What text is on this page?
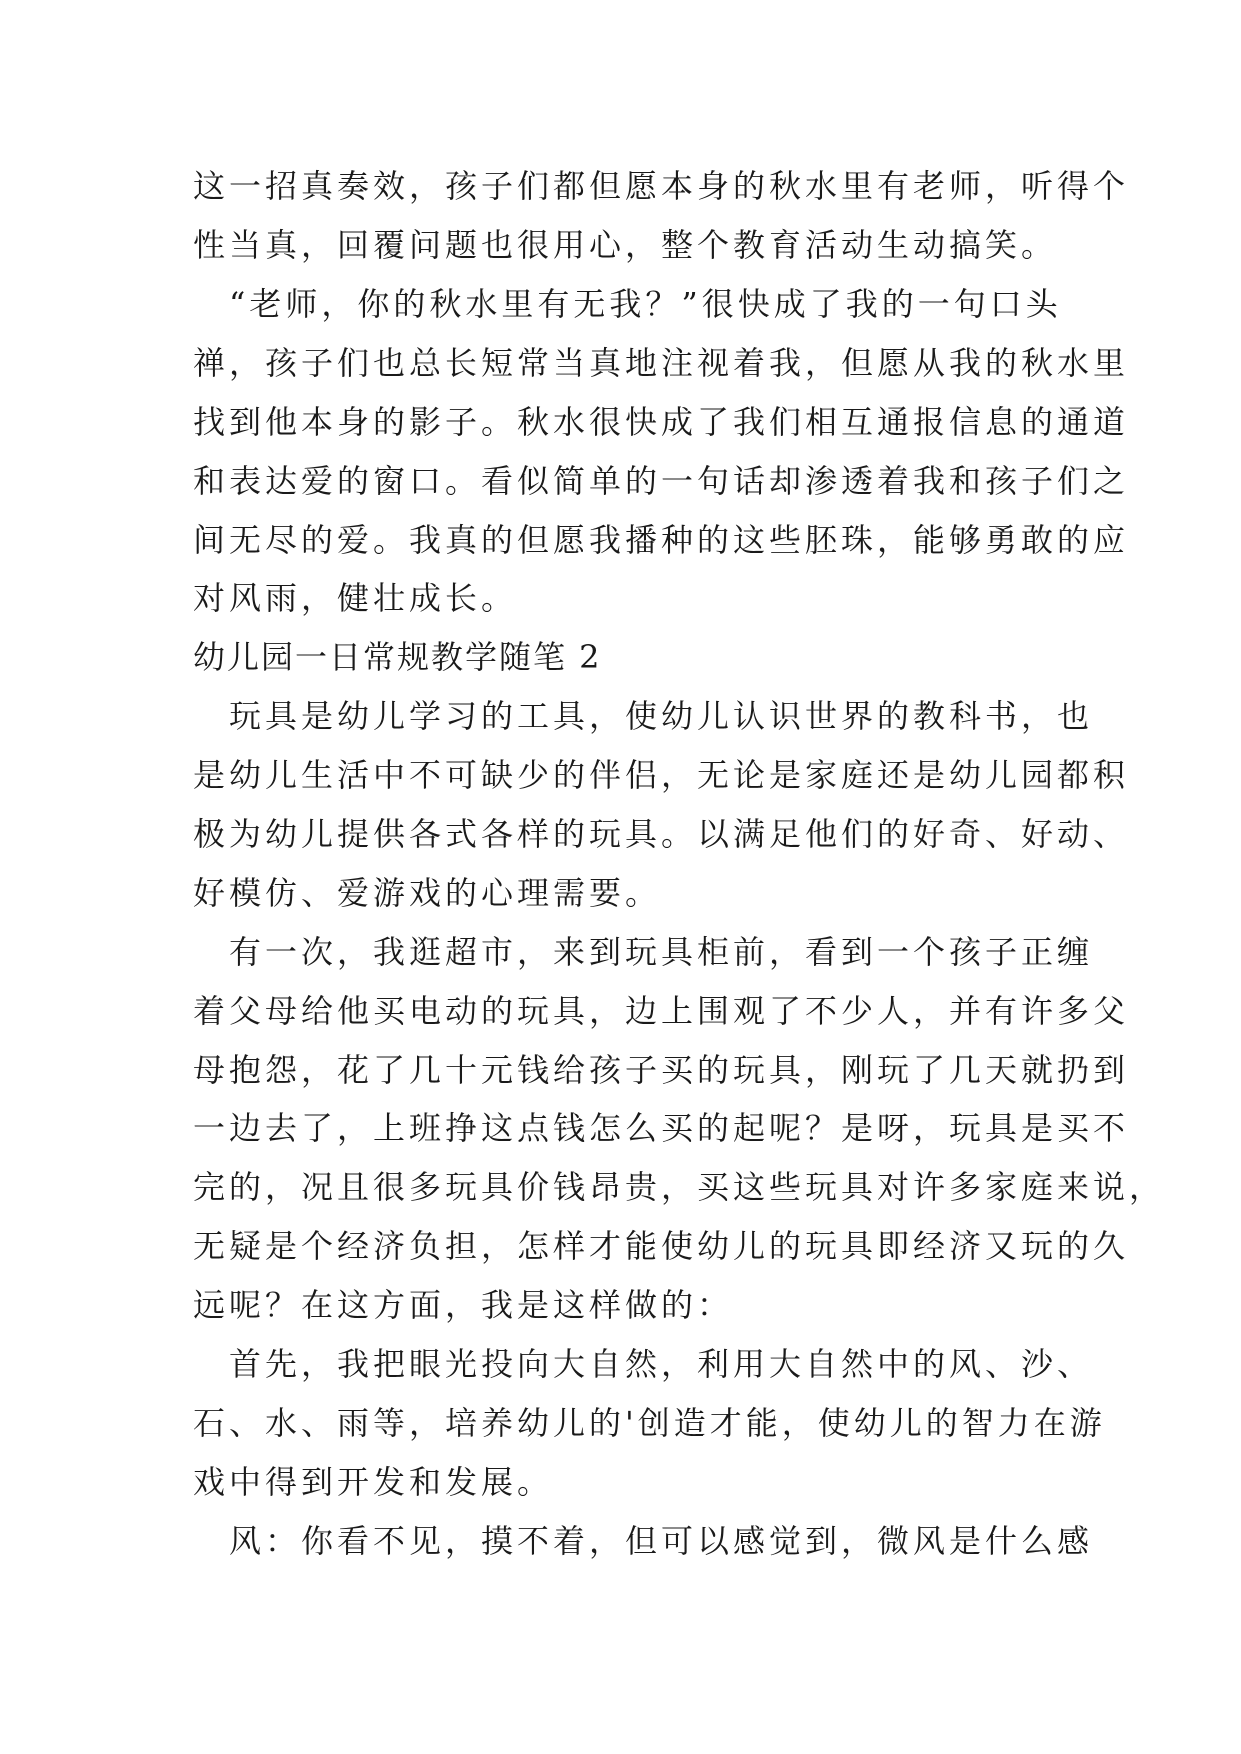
这一招真奏效，孩子们都但愿本身的秋水里有老师，听得个

性当真，回覆问题也很用心，整个教育活动生动搞笑。

　“老师，你的秋水里有无我？”很快成了我的一句口头

禅，孩子们也总长短常当真地注视着我，但愿从我的秋水里

找到他本身的影子。秋水很快成了我们相互通报信息的通道

和表达爱的窗口。看似简单的一句话却渗透着我和孩子们之

间无尽的爱。我真的但愿我播种的这些胚珠，能够勇敢的应

对风雨，健壮成长。

幼儿园一日常规教学随笔 2

　玩具是幼儿学习的工具，使幼儿认识世界的教科书，也

是幼儿生活中不可缺少的伴侣，无论是家庭还是幼儿园都积

极为幼儿提供各式各样的玩具。以满足他们的好奇、好动、

好模仿、爱游戏的心理需要。

　有一次，我逛超市，来到玩具柜前，看到一个孩子正缠

着父母给他买电动的玩具，边上围观了不少人，并有许多父

母抱怨，花了几十元钱给孩子买的玩具，刚玩了几天就扔到

一边去了，上班挣这点钱怎么买的起呢？是呀，玩具是买不

完的，况且很多玩具价钱昂贵，买这些玩具对许多家庭来说，

无疑是个经济负担，怎样才能使幼儿的玩具即经济又玩的久

远呢？在这方面，我是这样做的：

　首先，我把眼光投向大自然，利用大自然中的风、沙、

石、水、雨等，培养幼儿的'创造才能，使幼儿的智力在游

戏中得到开发和发展。

　风：你看不见，摸不着，但可以感觉到，微风是什么感
